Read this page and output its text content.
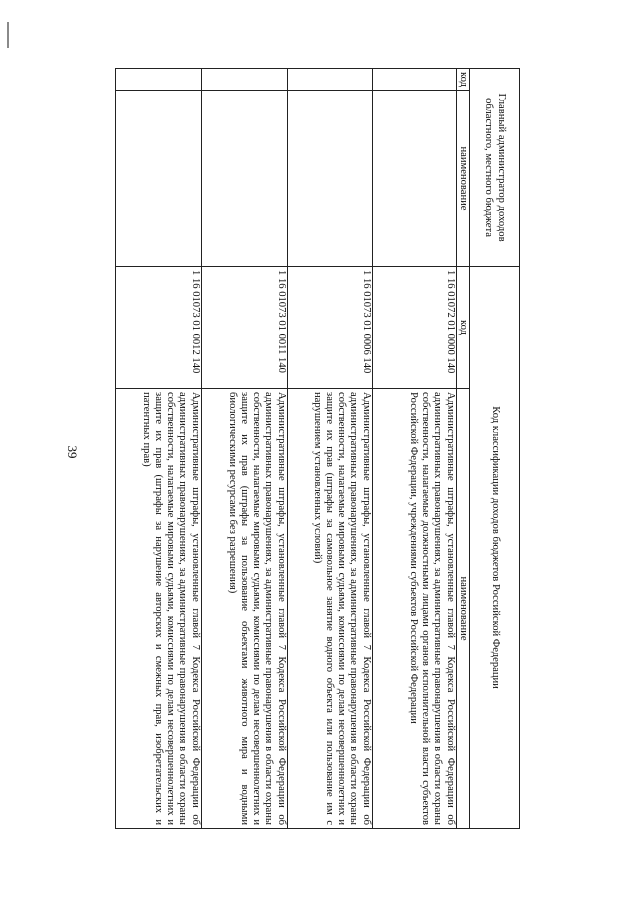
39
Главный администратор доходов областного, местного бюджета		Код классификации доходов бюджетов Российской Федерации	
код	наименование	код	наименование
		1 16 01072 01 0000 140	Административные штрафы, установленные главой 7 Кодекса Российской Федерации об административных правонарушениях, за административные правонарушения в области охраны собственности, налагаемые должностными лицами органов исполнительной власти субъектов Российской Федерации, учреждениями субъектов Российской Федерации
		1 16 01073 01 0006 140	Административные штрафы, установленные главой 7 Кодекса Российской Федерации об административных правонарушениях, за административные правонарушения в области охраны собственности, налагаемые мировыми судьями, комиссиями по делам несовершеннолетних и защите их прав (штрафы за самовольное занятие водного объекта или пользование им с нарушением установленных условий)
		1 16 01073 01 0011 140	Административные штрафы, установленные главой 7 Кодекса Российской Федерации об административных правонарушениях, за административные правонарушения в области охраны собственности, налагаемые мировыми судьями, комиссиями по делам несовершеннолетних и защите их прав (штрафы за пользование объектами животного мира и водными биологическими ресурсами без разрешения)
		1 16 01073 01 0012 140	Административные штрафы, установленные главой 7 Кодекса Российской Федерации об административных правонарушениях, за административные правонарушения в области охраны собственности, налагаемые мировыми судьями, комиссиями по делам несовершеннолетних и защите их прав (штрафы за нарушение авторских и смежных прав, изобретательских и патентных прав)
